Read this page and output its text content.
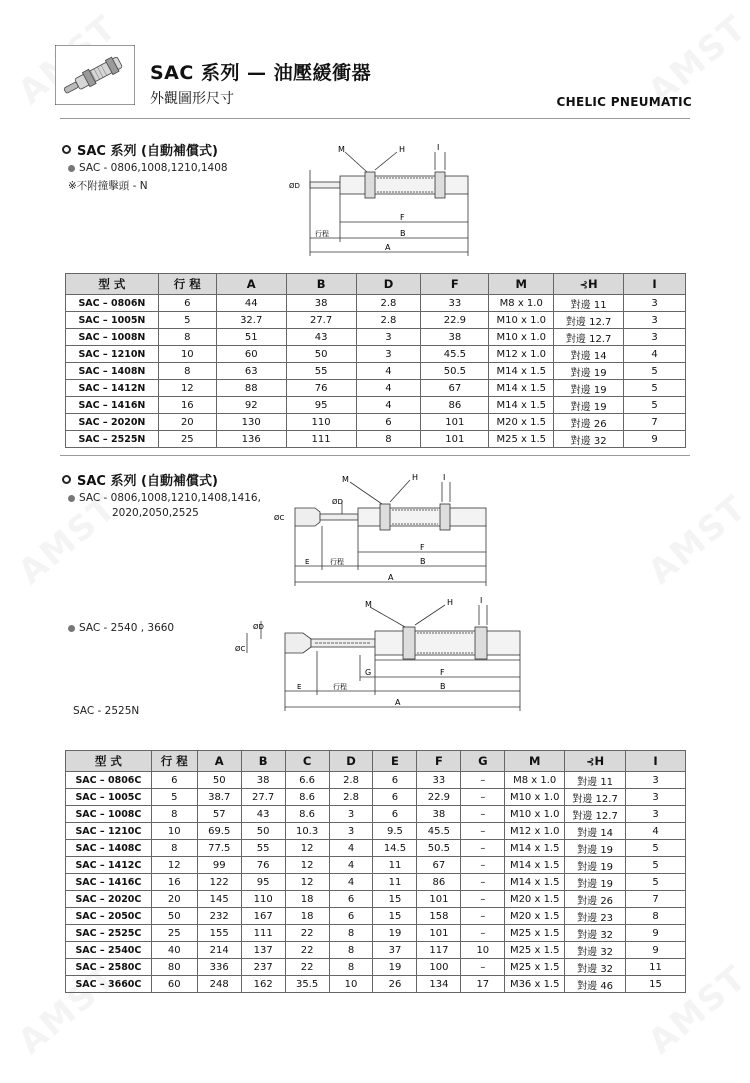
SAC 系列 — 油壓緩衝器
外觀圖形尺寸	CHELIC PNEUMATIC
SAC 系列 (自動補償式)
SAC - 0806,1008,1210,1408
※不附撞擊頭 - N
M	H	I
ØD
F
行程	B
A
型 式	行 程	A	B	D	F	M	⊰H	I
SAC – 0806N	6	44	38	2.8	33	M8 x 1.0	對邊 11	3
SAC – 1005N	5	32.7	27.7	2.8	22.9	M10 x 1.0	對邊 12.7	3
SAC – 1008N	8	51	43	3	38	M10 x 1.0	對邊 12.7	3
SAC – 1210N	10	60	50	3	45.5	M12 x 1.0	對邊 14	4
SAC – 1408N	8	63	55	4	50.5	M14 x 1.5	對邊 19	5
SAC – 1412N	12	88	76	4	67	M14 x 1.5	對邊 19	5
SAC – 1416N	16	92	95	4	86	M14 x 1.5	對邊 19	5
SAC – 2020N	20	130	110	6	101	M20 x 1.5	對邊 26	7
SAC – 2525N	25	136	111	8	101	M25 x 1.5	對邊 32	9
SAC 系列 (自動補償式)
SAC - 0806,1008,1210,1408,1416,
2020,2050,2525
SAC - 2540 , 3660
SAC - 2525N
M	H	I
ØC
ØD
F
E	行程	B
A
M	H	I
ØC
ØD
G	F
E	行程	B
A
型 式	行 程	A	B	C	D	E	F	G	M	⊰H	I
SAC – 0806C	6	50	38	6.6	2.8	6	33	–	M8 x 1.0	對邊 11	3
SAC – 1005C	5	38.7	27.7	8.6	2.8	6	22.9	–	M10 x 1.0	對邊 12.7	3
SAC – 1008C	8	57	43	8.6	3	6	38	–	M10 x 1.0	對邊 12.7	3
SAC – 1210C	10	69.5	50	10.3	3	9.5	45.5	–	M12 x 1.0	對邊 14	4
SAC – 1408C	8	77.5	55	12	4	14.5	50.5	–	M14 x 1.5	對邊 19	5
SAC – 1412C	12	99	76	12	4	11	67	–	M14 x 1.5	對邊 19	5
SAC – 1416C	16	122	95	12	4	11	86	–	M14 x 1.5	對邊 19	5
SAC – 2020C	20	145	110	18	6	15	101	–	M20 x 1.5	對邊 26	7
SAC – 2050C	50	232	167	18	6	15	158	–	M20 x 1.5	對邊 23	8
SAC – 2525C	25	155	111	22	8	19	101	–	M25 x 1.5	對邊 32	9
SAC – 2540C	40	214	137	22	8	37	117	10	M25 x 1.5	對邊 32	9
SAC – 2580C	80	336	237	22	8	19	100	–	M25 x 1.5	對邊 32	11
SAC – 3660C	60	248	162	35.5	10	26	134	17	M36 x 1.5	對邊 46	15
